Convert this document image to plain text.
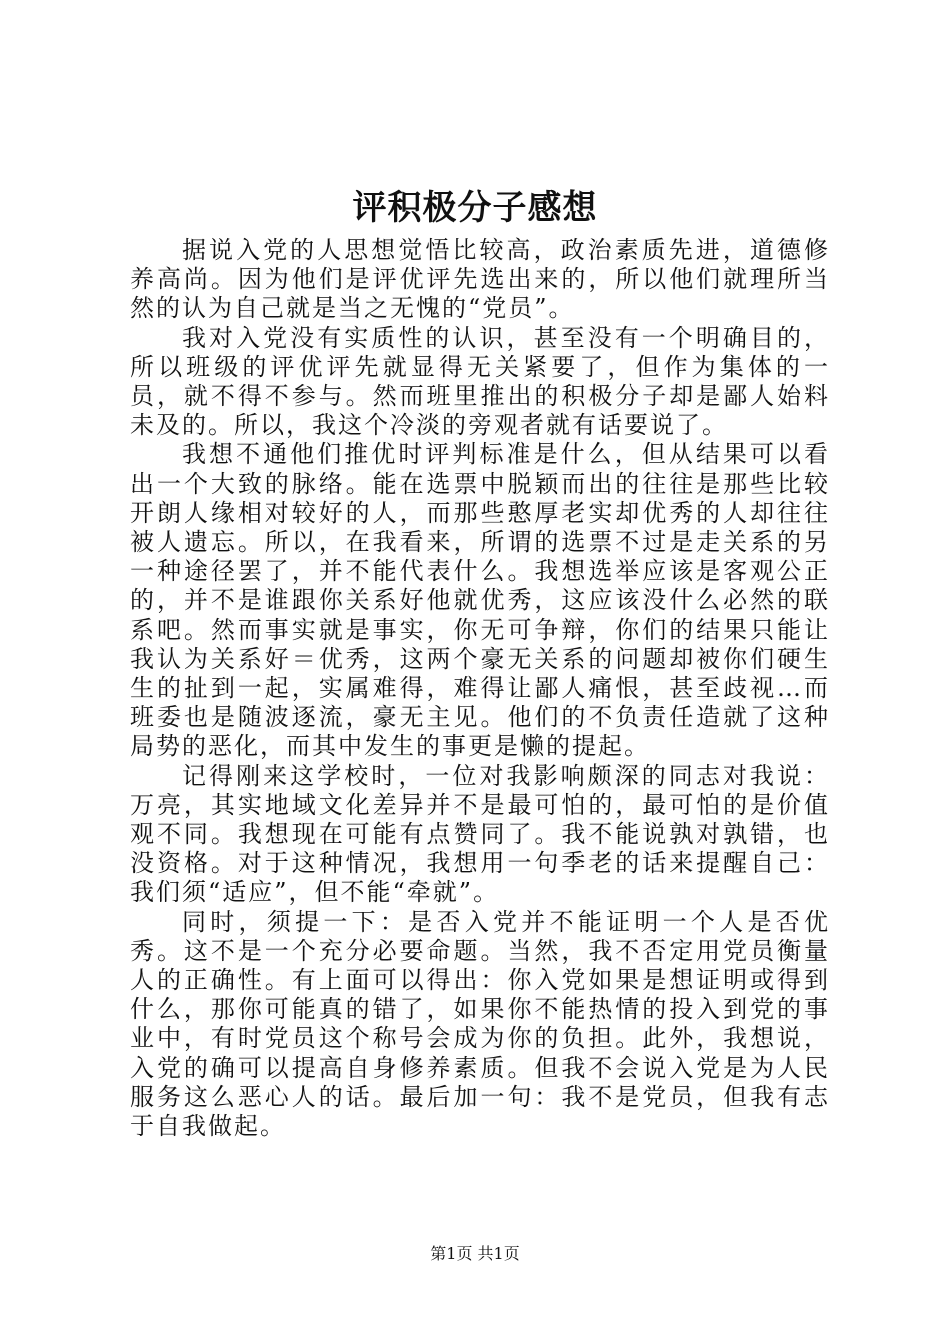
评积极分子感想

据说入党的人思想觉悟比较高，政治素质先进，道德修养高尚。因为他们是评优评先选出来的，所以他们就理所当然的认为自己就是当之无愧的“党员”。

我对入党没有实质性的认识，甚至没有一个明确目的，所以班级的评优评先就显得无关紧要了，但作为集体的一员，就不得不参与。然而班里推出的积极分子却是鄙人始料未及的。所以，我这个冷淡的旁观者就有话要说了。

我想不通他们推优时评判标准是什么，但从结果可以看出一个大致的脉络。能在选票中脱颖而出的往往是那些比较开朗人缘相对较好的人，而那些憨厚老实却优秀的人却往往被人遗忘。所以，在我看来，所谓的选票不过是走关系的另一种途径罢了，并不能代表什么。我想选举应该是客观公正的，并不是谁跟你关系好他就优秀，这应该没什么必然的联系吧。然而事实就是事实，你无可争辩，你们的结果只能让我认为关系好＝优秀，这两个豪无关系的问题却被你们硬生生的扯到一起，实属难得，难得让鄙人痛恨，甚至歧视…而班委也是随波逐流，豪无主见。他们的不负责任造就了这种局势的恶化，而其中发生的事更是懒的提起。

记得刚来这学校时，一位对我影响颇深的同志对我说：万亮，其实地域文化差异并不是最可怕的，最可怕的是价值观不同。我想现在可能有点赞同了。我不能说孰对孰错，也没资格。对于这种情况，我想用一句季老的话来提醒自己：我们须“适应”，但不能“牵就”。

同时，须提一下：是否入党并不能证明一个人是否优秀。这不是一个充分必要命题。当然，我不否定用党员衡量人的正确性。有上面可以得出：你入党如果是想证明或得到什么，那你可能真的错了，如果你不能热情的投入到党的事业中，有时党员这个称号会成为你的负担。此外，我想说，入党的确可以提高自身修养素质。但我不会说入党是为人民服务这么恶心人的话。最后加一句：我不是党员，但我有志于自我做起。

第1页 共1页
